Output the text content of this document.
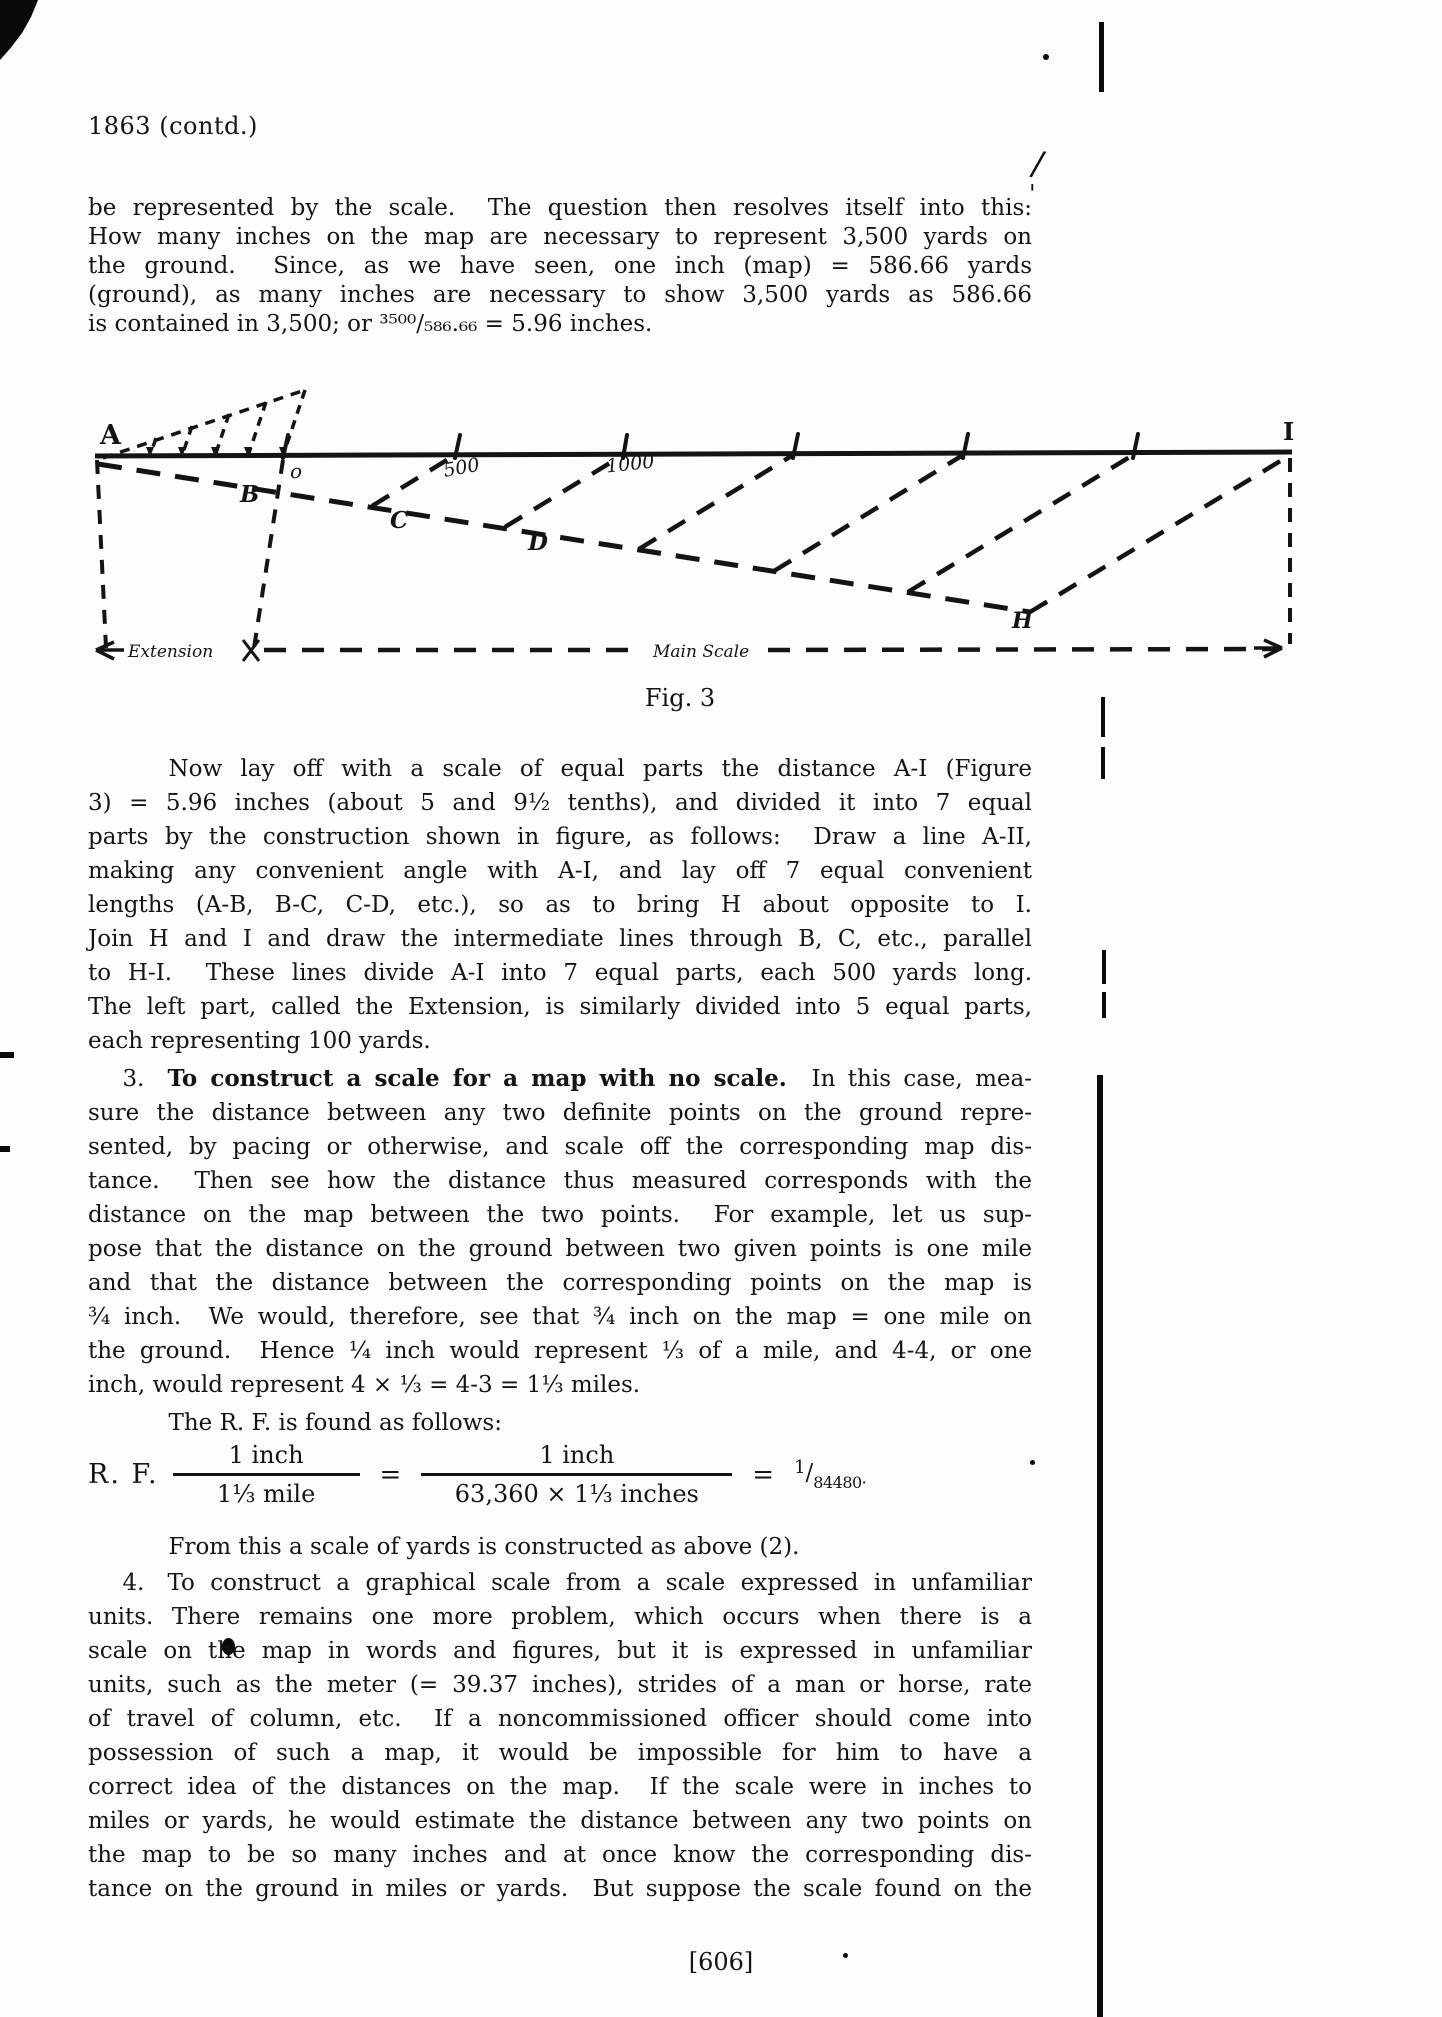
/
'
1863 (contd.)
be represented by the scale.  The question then resolves itself into this:
How many inches on the map are necessary to represent 3,500 yards on
the ground.  Since, as we have seen, one inch (map) = 586.66 yards
(ground), as many inches are necessary to show 3,500 yards as 586.66
is contained in 3,500; or ³⁵⁰⁰/₅₈₆.₆₆ = 5.96 inches.
A	I
o	500	1000
B
C
D
H
Extension	Main Scale
Fig. 3
       Now lay off with a scale of equal parts the distance A-I (Figure
3) = 5.96 inches (about 5 and 9½ tenths), and divided it into 7 equal
parts by the construction shown in figure, as follows:  Draw a line A-II,
making any convenient angle with A-I, and lay off 7 equal convenient
lengths (A-B, B-C, C-D, etc.), so as to bring H about opposite to I.
Join H and I and draw the intermediate lines through B, C, etc., parallel
to H-I.  These lines divide A-I into 7 equal parts, each 500 yards long.
The left part, called the Extension, is similarly divided into 5 equal parts,
each representing 100 yards.
   3.  To construct a scale for a map with no scale.  In this case, mea-
sure the distance between any two definite points on the ground repre-
sented, by pacing or otherwise, and scale off the corresponding map dis-
tance.  Then see how the distance thus measured corresponds with the
distance on the map between the two points.  For example, let us sup-
pose that the distance on the ground between two given points is one mile
and that the distance between the corresponding points on the map is
¾ inch.  We would, therefore, see that ¾ inch on the map = one mile on
the ground.  Hence ¼ inch would represent ⅓ of a mile, and 4-4, or one
inch, would represent 4 × ⅓ = 4-3 = 1⅓ miles.
       The R. F. is found as follows:
R. F. $\frac{\text{1 inch}}{\text{1⅓ mile}} = \frac{\text{1 inch}}{\text{63,360 × 1⅓ inches}} = ^1/_{84480\cdot}$
       From this a scale of yards is constructed as above (2).
   4.  To construct a graphical scale from a scale expressed in unfamiliar
units. There remains one more problem, which occurs when there is a
scale on the map in words and figures, but it is expressed in unfamiliar
units, such as the meter (= 39.37 inches), strides of a man or horse, rate
of travel of column, etc.  If a noncommissioned officer should come into
possession of such a map, it would be impossible for him to have a
correct idea of the distances on the map.  If the scale were in inches to
miles or yards, he would estimate the distance between any two points on
the map to be so many inches and at once know the corresponding dis-
tance on the ground in miles or yards.  But suppose the scale found on the
[606]
